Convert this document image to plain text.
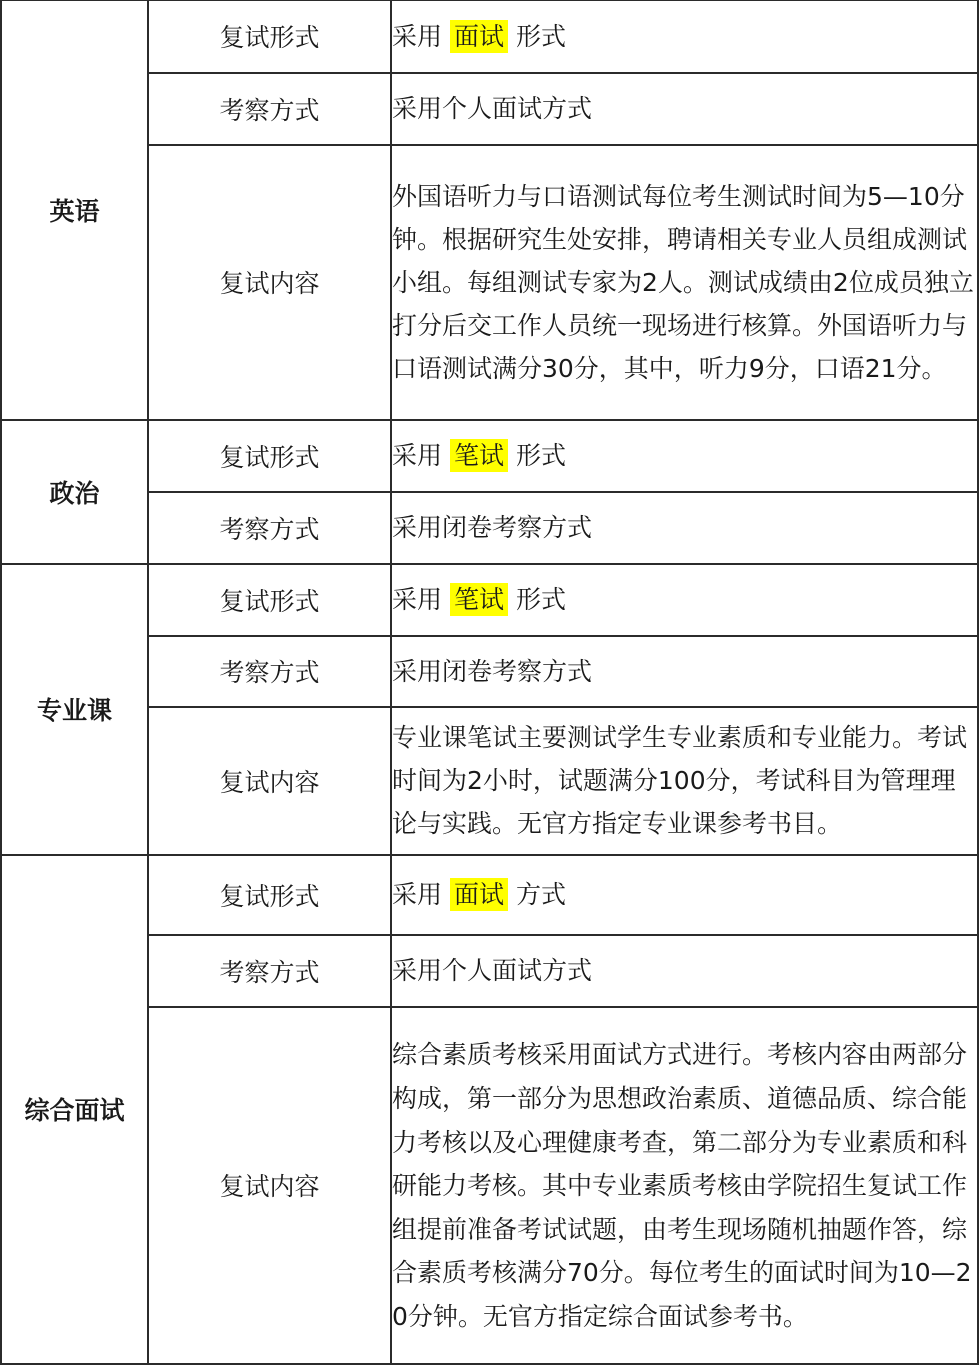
英语	复试形式	采用 面试 形式
	考察方式	采用个人面试方式
	复试内容	外国语听力与口语测试每位考生测试时间为5—10分钟。根据研究生处安排，聘请相关专业人员组成测试小组。每组测试专家为2人。测试成绩由2位成员独立打分后交工作人员统一现场进行核算。外国语听力与口语测试满分30分，其中，听力9分，口语21分。
政治	复试形式	采用 笔试 形式
	考察方式	采用闭卷考察方式
专业课	复试形式	采用 笔试 形式
	考察方式	采用闭卷考察方式
	复试内容	专业课笔试主要测试学生专业素质和专业能力。考试时间为2小时，试题满分100分，考试科目为管理理论与实践。无官方指定专业课参考书目。
综合面试	复试形式	采用 面试 方式
	考察方式	采用个人面试方式
	复试内容	综合素质考核采用面试方式进行。考核内容由两部分构成，第一部分为思想政治素质、道德品质、综合能力考核以及心理健康考查，第二部分为专业素质和科研能力考核。其中专业素质考核由学院招生复试工作组提前准备考试试题，由考生现场随机抽题作答，综合素质考核满分70分。每位考生的面试时间为10—20分钟。无官方指定综合面试参考书。
